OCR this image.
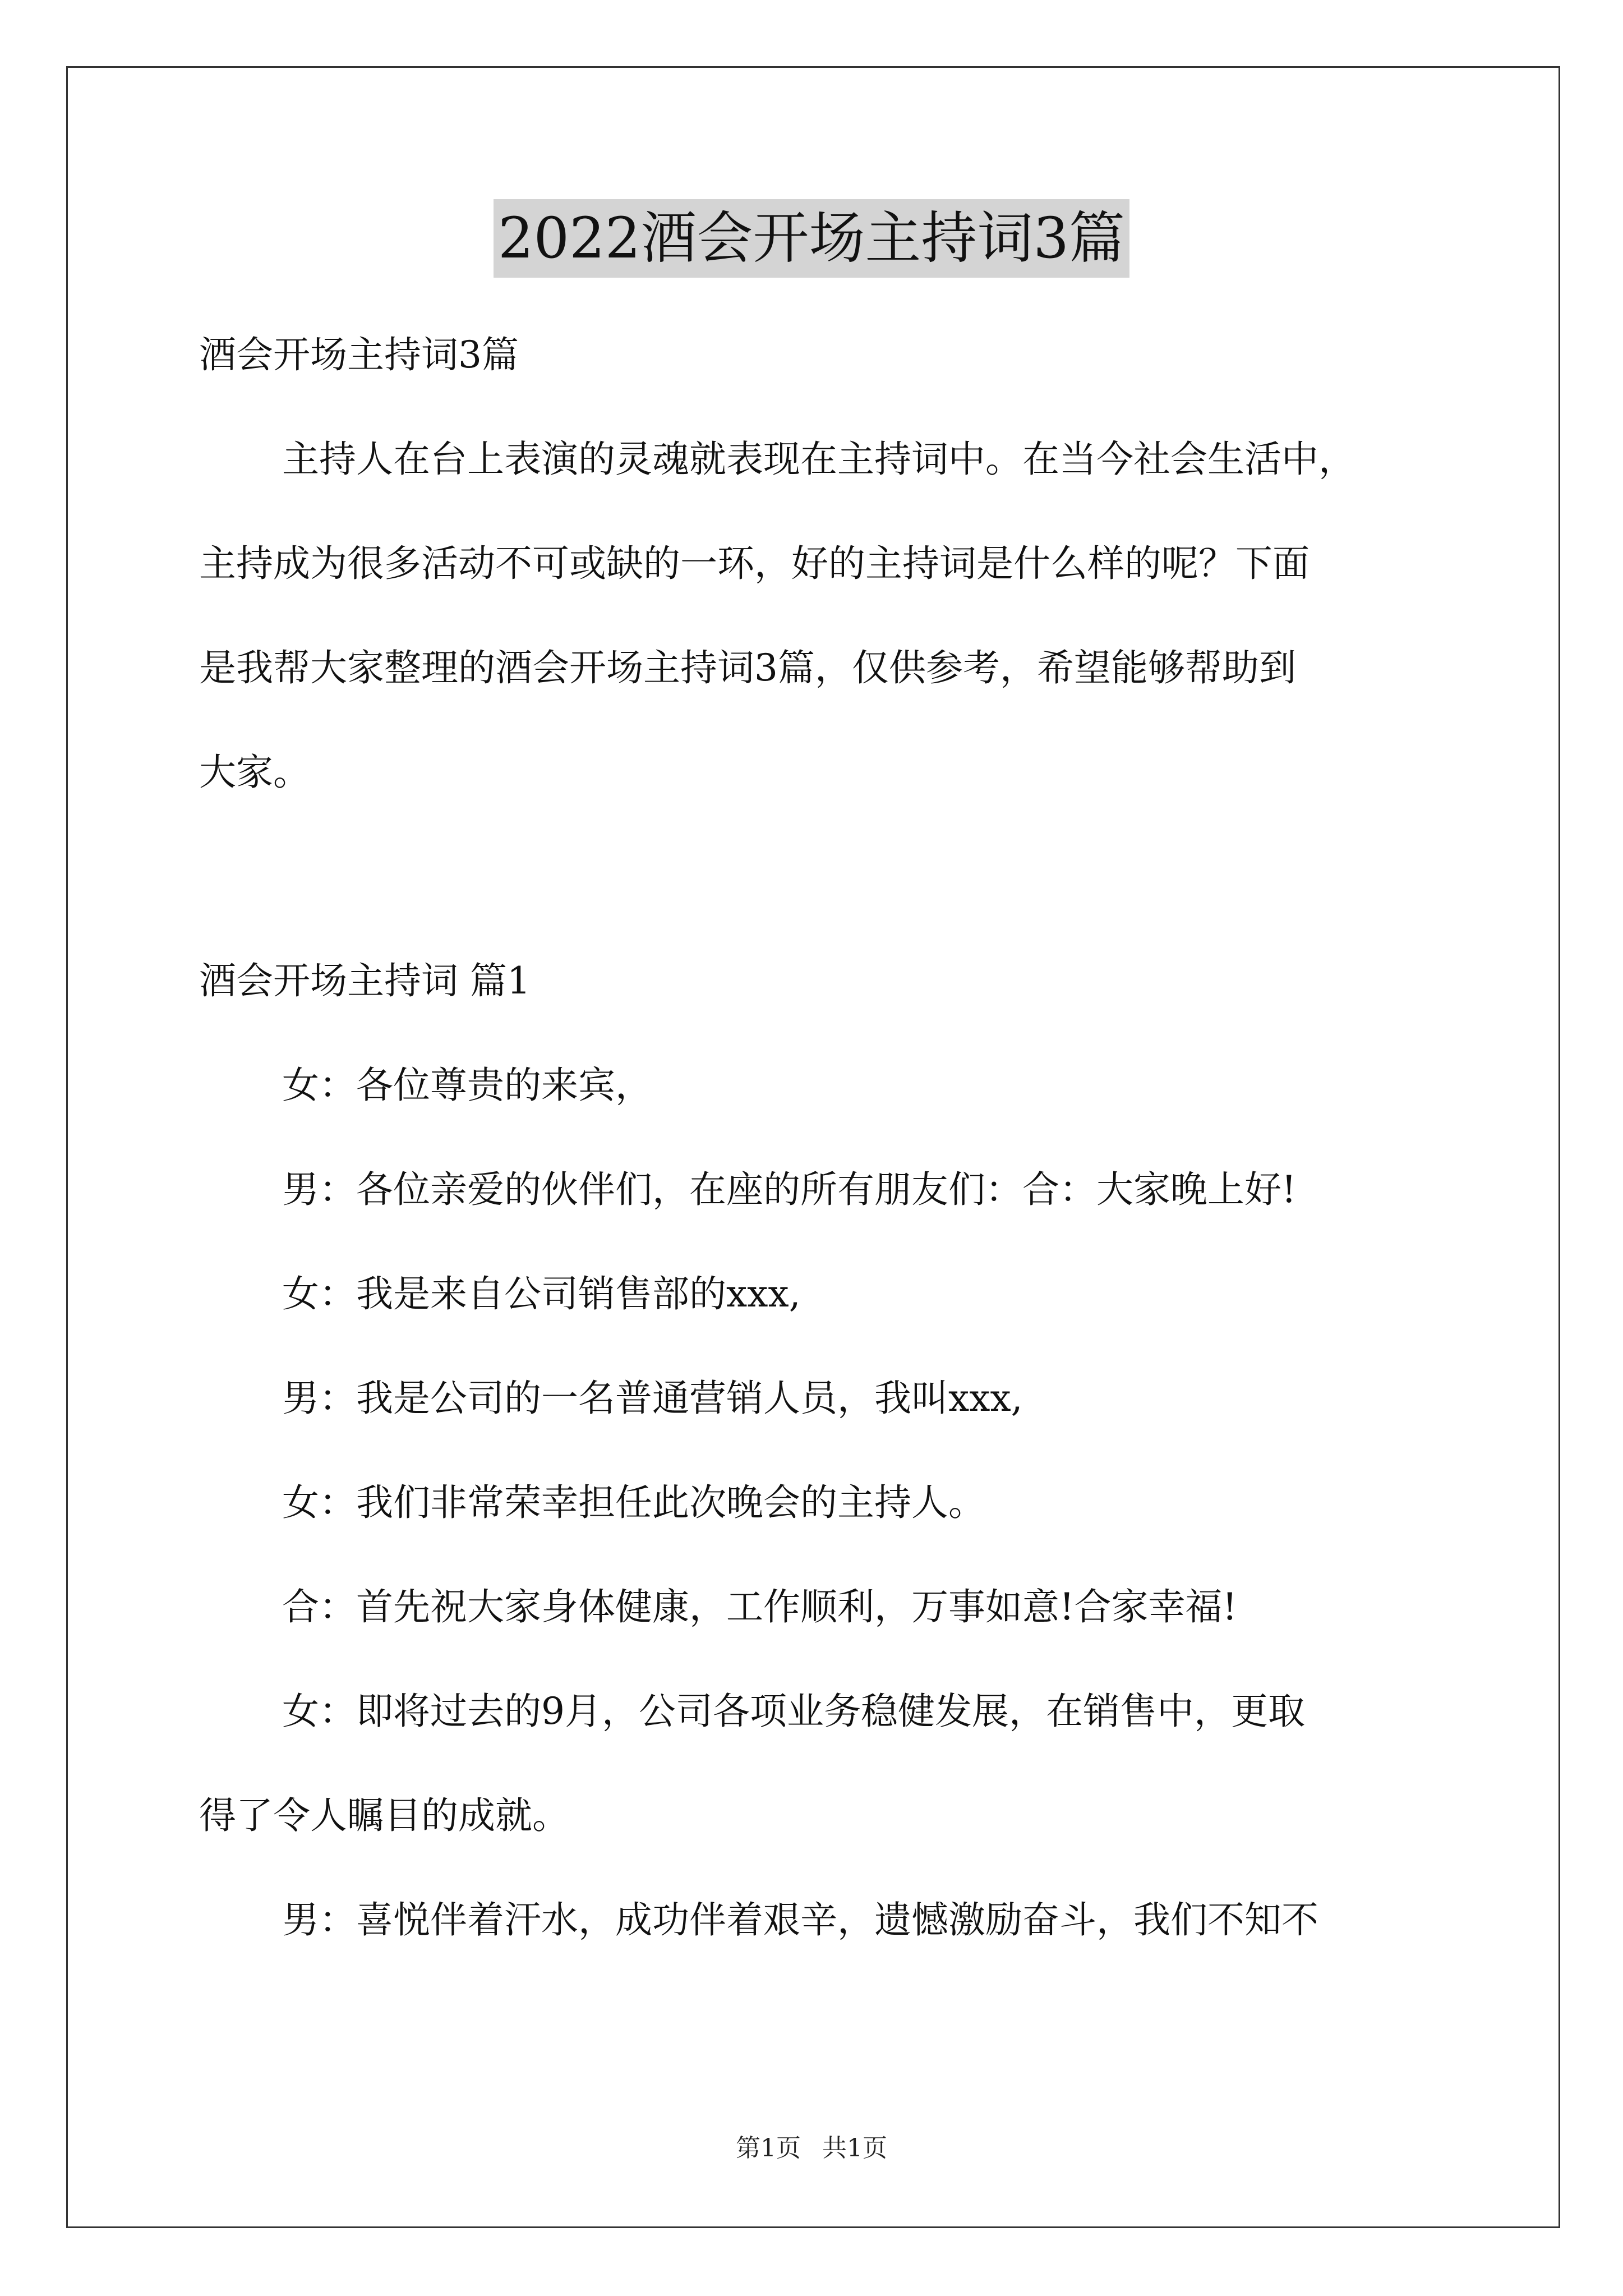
2022酒会开场主持词3篇

酒会开场主持词3篇

主持人在台上表演的灵魂就表现在主持词中。在当今社会生活中，

主持成为很多活动不可或缺的一环，好的主持词是什么样的呢？下面

是我帮大家整理的酒会开场主持词3篇，仅供参考，希望能够帮助到

大家。

酒会开场主持词 篇1

女：各位尊贵的来宾，

男：各位亲爱的伙伴们，在座的所有朋友们：合：大家晚上好!

女：我是来自公司销售部的xxx,

男：我是公司的一名普通营销人员，我叫xxx,

女：我们非常荣幸担任此次晚会的主持人。

合：首先祝大家身体健康，工作顺利，万事如意!合家幸福!

女：即将过去的9月，公司各项业务稳健发展，在销售中，更取

得了令人瞩目的成就。

男：喜悦伴着汗水，成功伴着艰辛，遗憾激励奋斗，我们不知不

第1页 共1页
